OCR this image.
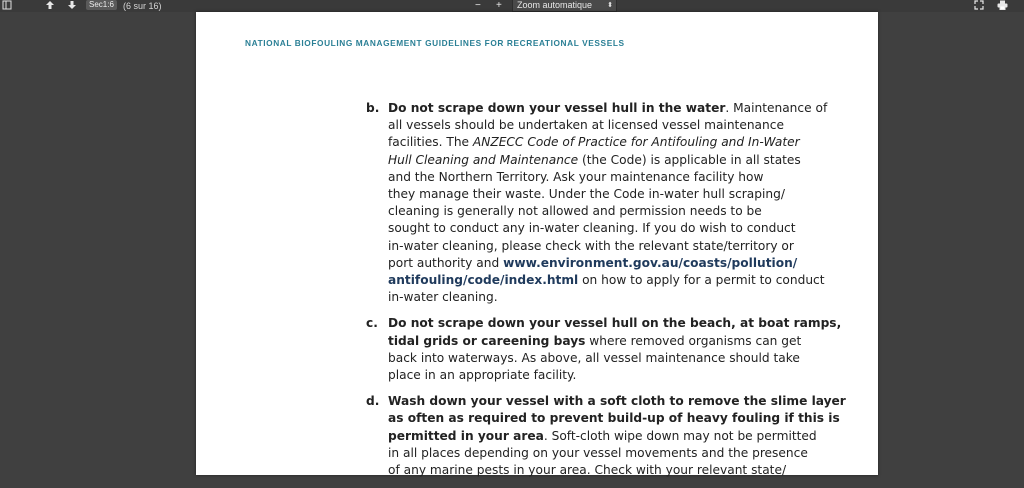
Sec1:6	(6 sur 16)	− +	Zoom automatique ⬍
NATIONAL BIOFOULING MANAGEMENT GUIDELINES FOR RECREATIONAL VESSELS
b. Do not scrape down your vessel hull in the water. Maintenance of
all vessels should be undertaken at licensed vessel maintenance
facilities. The ANZECC Code of Practice for Antifouling and In-Water
Hull Cleaning and Maintenance (the Code) is applicable in all states
and the Northern Territory. Ask your maintenance facility how
they manage their waste. Under the Code in-water hull scraping/
cleaning is generally not allowed and permission needs to be
sought to conduct any in-water cleaning. If you do wish to conduct
in-water cleaning, please check with the relevant state/territory or
port authority and www.environment.gov.au/coasts/pollution/
antifouling/code/index.html on how to apply for a permit to conduct
in-water cleaning.
c. Do not scrape down your vessel hull on the beach, at boat ramps,
tidal grids or careening bays where removed organisms can get
back into waterways. As above, all vessel maintenance should take
place in an appropriate facility.
d. Wash down your vessel with a soft cloth to remove the slime layer
as often as required to prevent build-up of heavy fouling if this is
permitted in your area. Soft-cloth wipe down may not be permitted
in all places depending on your vessel movements and the presence
of any marine pests in your area. Check with your relevant state/
